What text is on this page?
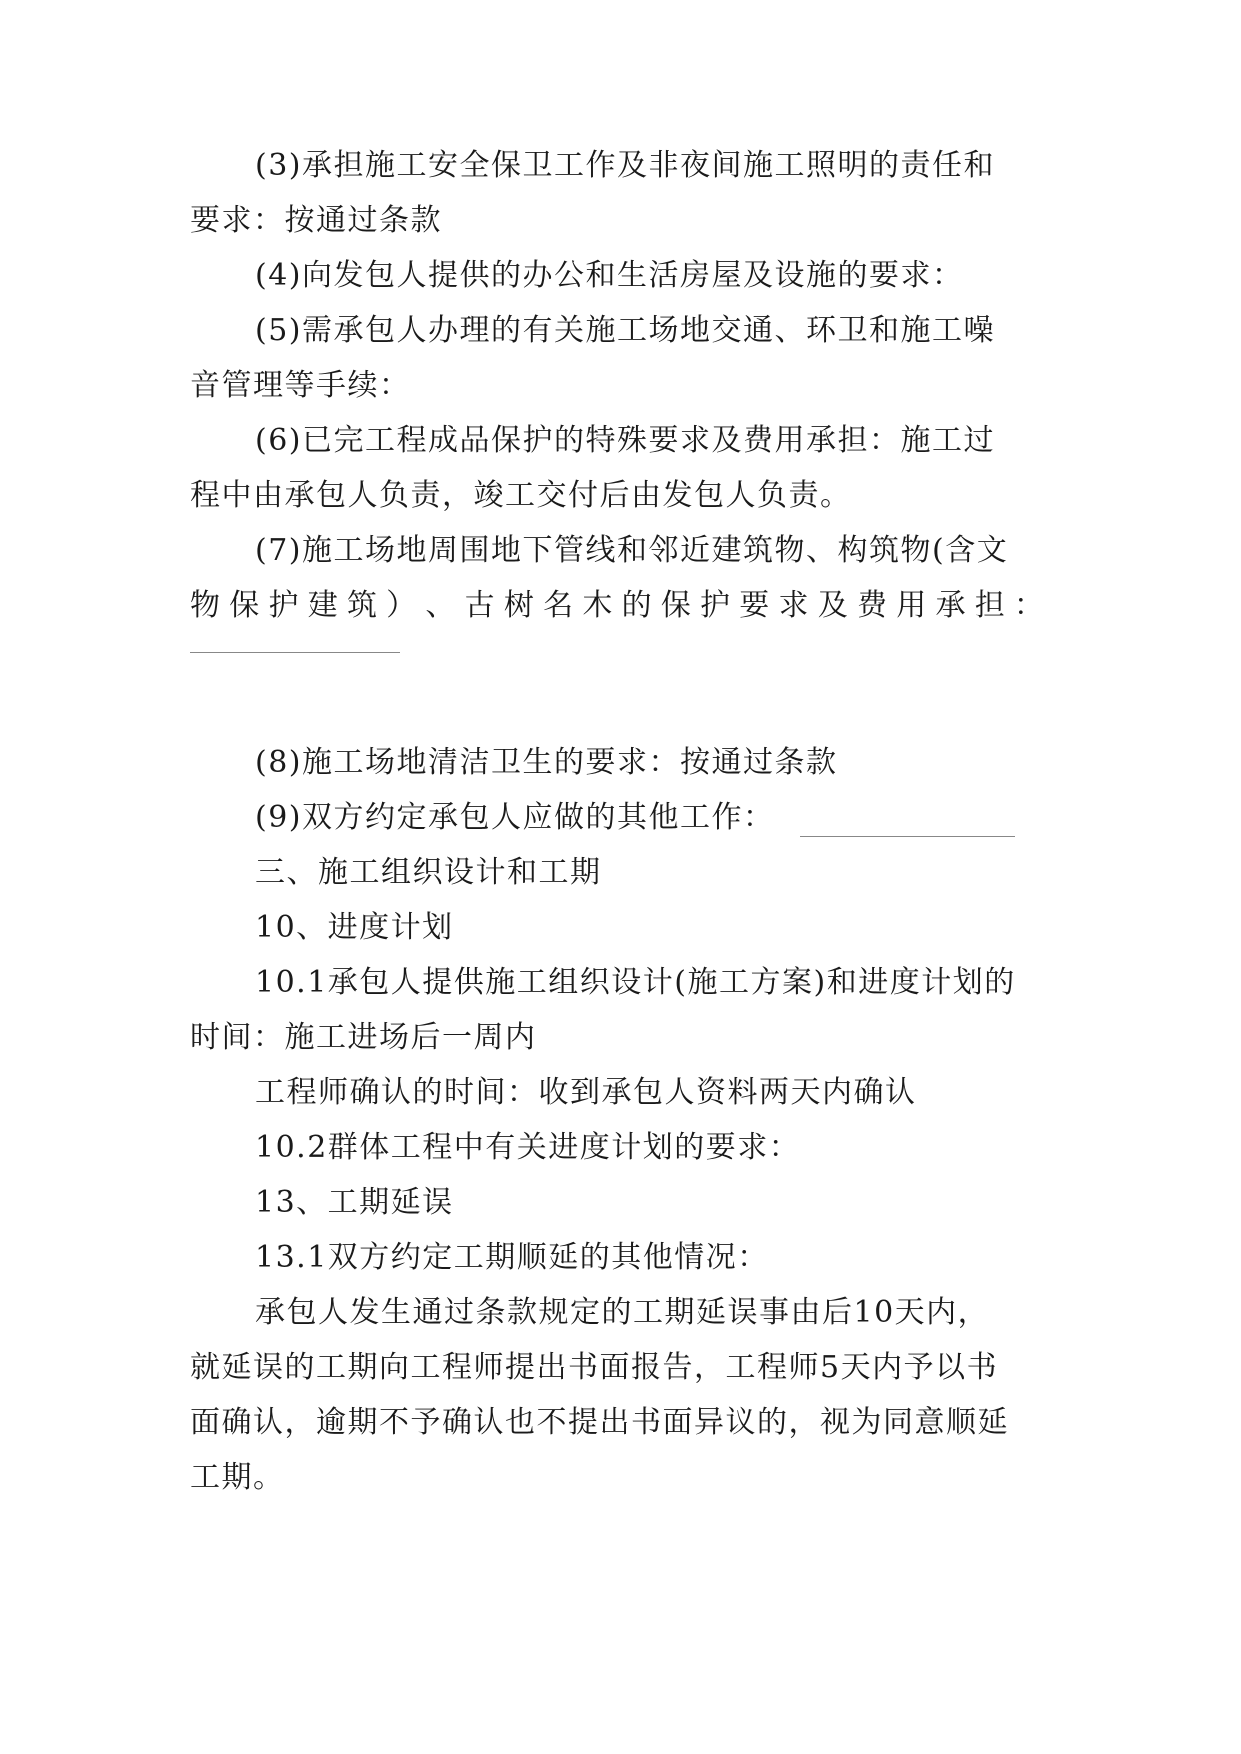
(3)承担施工安全保卫工作及非夜间施工照明的责任和

要求：按通过条款

(4)向发包人提供的办公和生活房屋及设施的要求：

(5)需承包人办理的有关施工场地交通、环卫和施工噪

音管理等手续：

(6)已完工程成品保护的特殊要求及费用承担：施工过

程中由承包人负责，竣工交付后由发包人负责。

(7)施工场地周围地下管线和邻近建筑物、构筑物(含文

物 保 护 建 筑 ） 、 古 树 名 木 的 保 护 要 求 及 费 用 承 担 ：

(8)施工场地清洁卫生的要求：按通过条款

(9)双方约定承包人应做的其他工作：

三、施工组织设计和工期

10、进度计划

10.1承包人提供施工组织设计(施工方案)和进度计划的

时间：施工进场后一周内

工程师确认的时间：收到承包人资料两天内确认

10.2群体工程中有关进度计划的要求：

13、工期延误

13.1双方约定工期顺延的其他情况：

承包人发生通过条款规定的工期延误事由后10天内，

就延误的工期向工程师提出书面报告，工程师5天内予以书

面确认，逾期不予确认也不提出书面异议的，视为同意顺延

工期。
